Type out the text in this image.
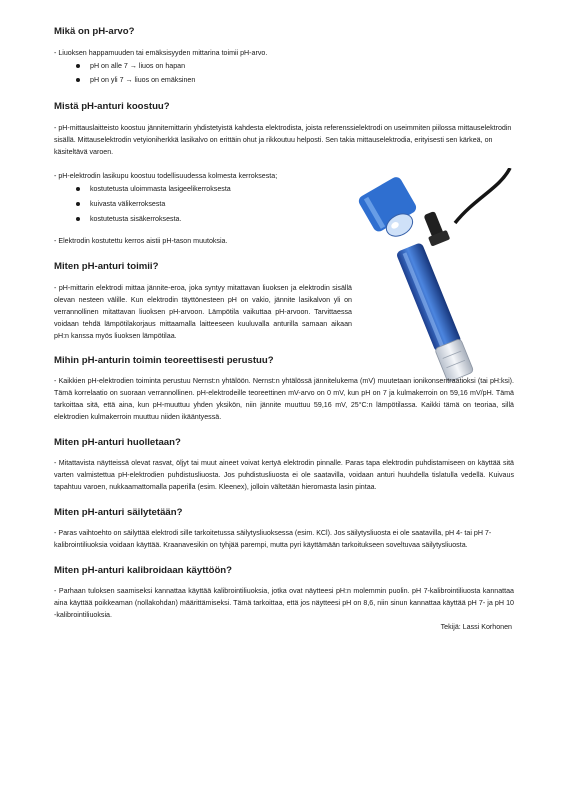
Mikä on pH-arvo?

- Liuoksen happamuuden tai emäksisyyden mittarina toimii pH-arvo.

pH on alle 7 → liuos on hapan
pH on yli 7 → liuos on emäksinen
Mistä pH-anturi koostuu?

- pH-mittauslaitteisto koostuu jännitemittarin yhdistetyistä kahdesta elektrodista, joista referenssielektrodi on useimmiten piilossa mittauselektrodin sisällä. Mittauselektrodin vetyioniherkkä lasikalvo on erittäin ohut ja rikkoutuu helposti. Sen takia mittauselektrodia, erityisesti sen kärkeä, on käsiteltävä varoen.

- pH-elektrodin lasikupu koostuu todellisuudessa kolmesta kerroksesta;

kostutetusta uloimmasta lasigeelikerroksesta
kuivasta välikerroksesta
kostutetusta sisäkerroksesta.

- Elektrodin kostutettu kerros aistii pH-tason muutoksia.

Miten pH-anturi toimii?

- pH-mittarin elektrodi mittaa jännite-eroa, joka syntyy mitattavan liuoksen ja elektrodin sisällä olevan nesteen välille. Kun elektrodin täyttönesteen pH on vakio, jännite lasikalvon yli on verrannollinen mitattavan liuoksen pH-arvoon. Lämpötila vaikuttaa pH-arvoon. Tarvittaessa voidaan tehdä lämpötilakorjaus mittaamalla laitteeseen kuuluvalla anturilla samaan aikaan pH:n kanssa myös liuoksen lämpötilaa.

Mihin pH-anturin toimin teoreettisesti perustuu?

- Kaikkien pH-elektrodien toiminta perustuu Nernst:n yhtälöön. Nernst:n yhtälössä jännitelukema (mV) muutetaan ionikonsentraatioksi (tai pH:ksi). Tämä korrelaatio on suoraan verrannollinen. pH-elektrodeille teoreettinen mV-arvo on 0 mV, kun pH on 7 ja kulmakerroin on 59,16 mV/pH. Tämä tarkoittaa sitä, että aina, kun pH-muuttuu yhden yksikön, niin jännite muuttuu 59,16 mV, 25°C:n lämpötilassa. Kaikki tämä on teoriaa, sillä elektrodien kulmakerroin muuttuu niiden ikääntyessä.

Miten pH-anturi huolletaan?

- Mitattavista näytteissä olevat rasvat, öljyt tai muut aineet voivat kertyä elektrodin pinnalle. Paras tapa elektrodin puhdistamiseen on käyttää sitä varten valmistettua pH-elektrodien puhdistusliuosta. Jos puhdistusliuosta ei ole saatavilla, voidaan anturi huuhdella tislatulla vedellä. Kuivaus tapahtuu varoen, nukkaamattomalla paperilla (esim. Kleenex), jolloin vältetään hieromasta lasin pintaa.

Miten pH-anturi säilytetään?

- Paras vaihtoehto on säilyttää elektrodi sille tarkoitetussa säilytysliuoksessa (esim. KCl). Jos säilytysliuosta ei ole saatavilla, pH 4- tai pH 7-kalibrointiliuoksia voidaan käyttää. Kraanavesikin on tyhjää parempi, mutta pyri käyttämään tarkoitukseen soveltuvaa säilytysliuosta.

Miten pH-anturi kalibroidaan käyttöön?

- Parhaan tuloksen saamiseksi kannattaa käyttää kalibrointiliuoksia, jotka ovat näytteesi pH:n molemmin puolin. pH 7-kalibrointiliuosta kannattaa aina käyttää poikkeaman (nollakohdan) määrittämiseksi. Tämä tarkoittaa, että jos näytteesi pH on 8,6, niin sinun kannattaa käyttää pH 7- ja pH 10 -kalibrointiliuoksia.

Tekijä: Lassi Korhonen
